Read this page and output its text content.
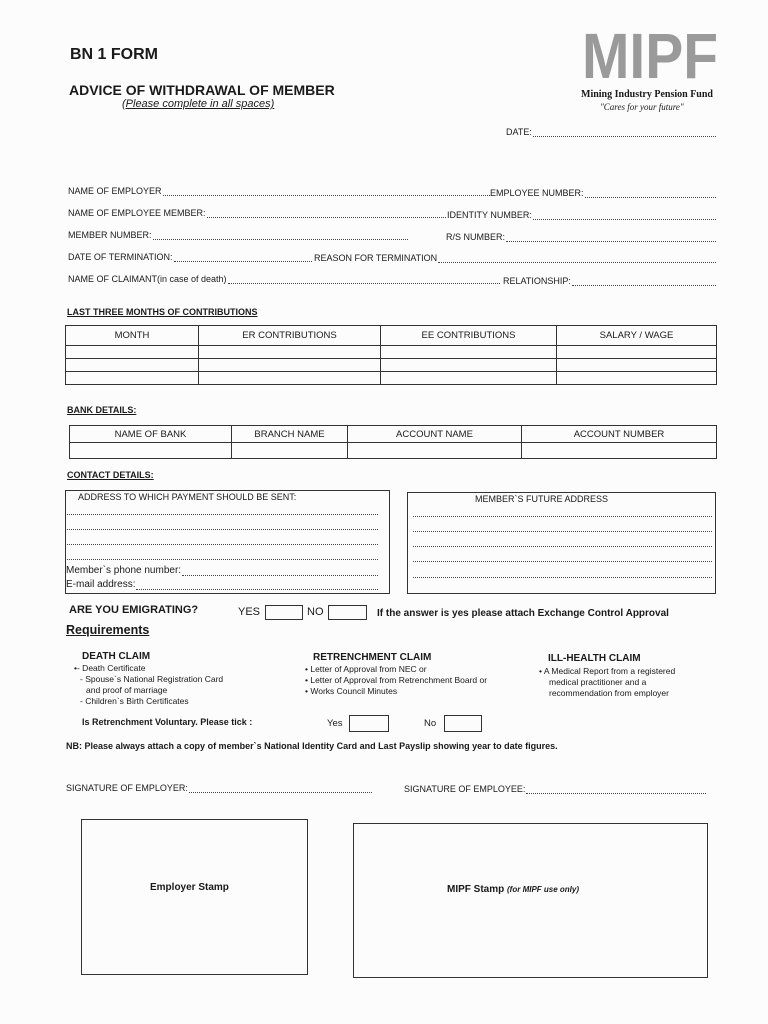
BN 1 FORM
ADVICE OF WITHDRAWAL OF MEMBER
(Please complete in all spaces)
MIPF
Mining Industry Pension Fund
"Cares for your future"
DATE:
NAME OF EMPLOYER	EMPLOYEE NUMBER:
NAME OF EMPLOYEE MEMBER:	IDENTITY NUMBER:
MEMBER NUMBER:	R/S NUMBER:
DATE OF TERMINATION:	REASON FOR TERMINATION
NAME OF CLAIMANT(in case of death)	RELATIONSHIP:
LAST THREE MONTHS OF CONTRIBUTIONS
MONTH	ER CONTRIBUTIONS	EE CONTRIBUTIONS	SALARY / WAGE

BANK DETAILS:
NAME OF BANK	BRANCH NAME	ACCOUNT NAME	ACCOUNT NUMBER

CONTACT DETAILS:
ADDRESS TO WHICH PAYMENT SHOULD BE SENT:
Member`s phone number:
E-mail address:
MEMBER`S FUTURE ADDRESS
ARE YOU EMIGRATING?	YES	NO	If the answer is yes please attach Exchange Control Approval
Requirements
DEATH CLAIM
•- Death Certificate
- Spouse`s National Registration Card
and proof of marriage
- Children`s Birth Certificates
RETRENCHMENT CLAIM
• Letter of Approval from NEC or
• Letter of Approval from Retrenchment Board or
• Works Council Minutes
ILL-HEALTH CLAIM
• A Medical Report from a registered
medical practitioner and a
recommendation from employer
Is Retrenchment Voluntary. Please tick :	Yes	No
NB: Please always attach a copy of member`s National Identity Card and Last Payslip showing year to date figures.
SIGNATURE OF EMPLOYER:	SIGNATURE OF EMPLOYEE:
Employer Stamp	MIPF Stamp (for MIPF use only)
